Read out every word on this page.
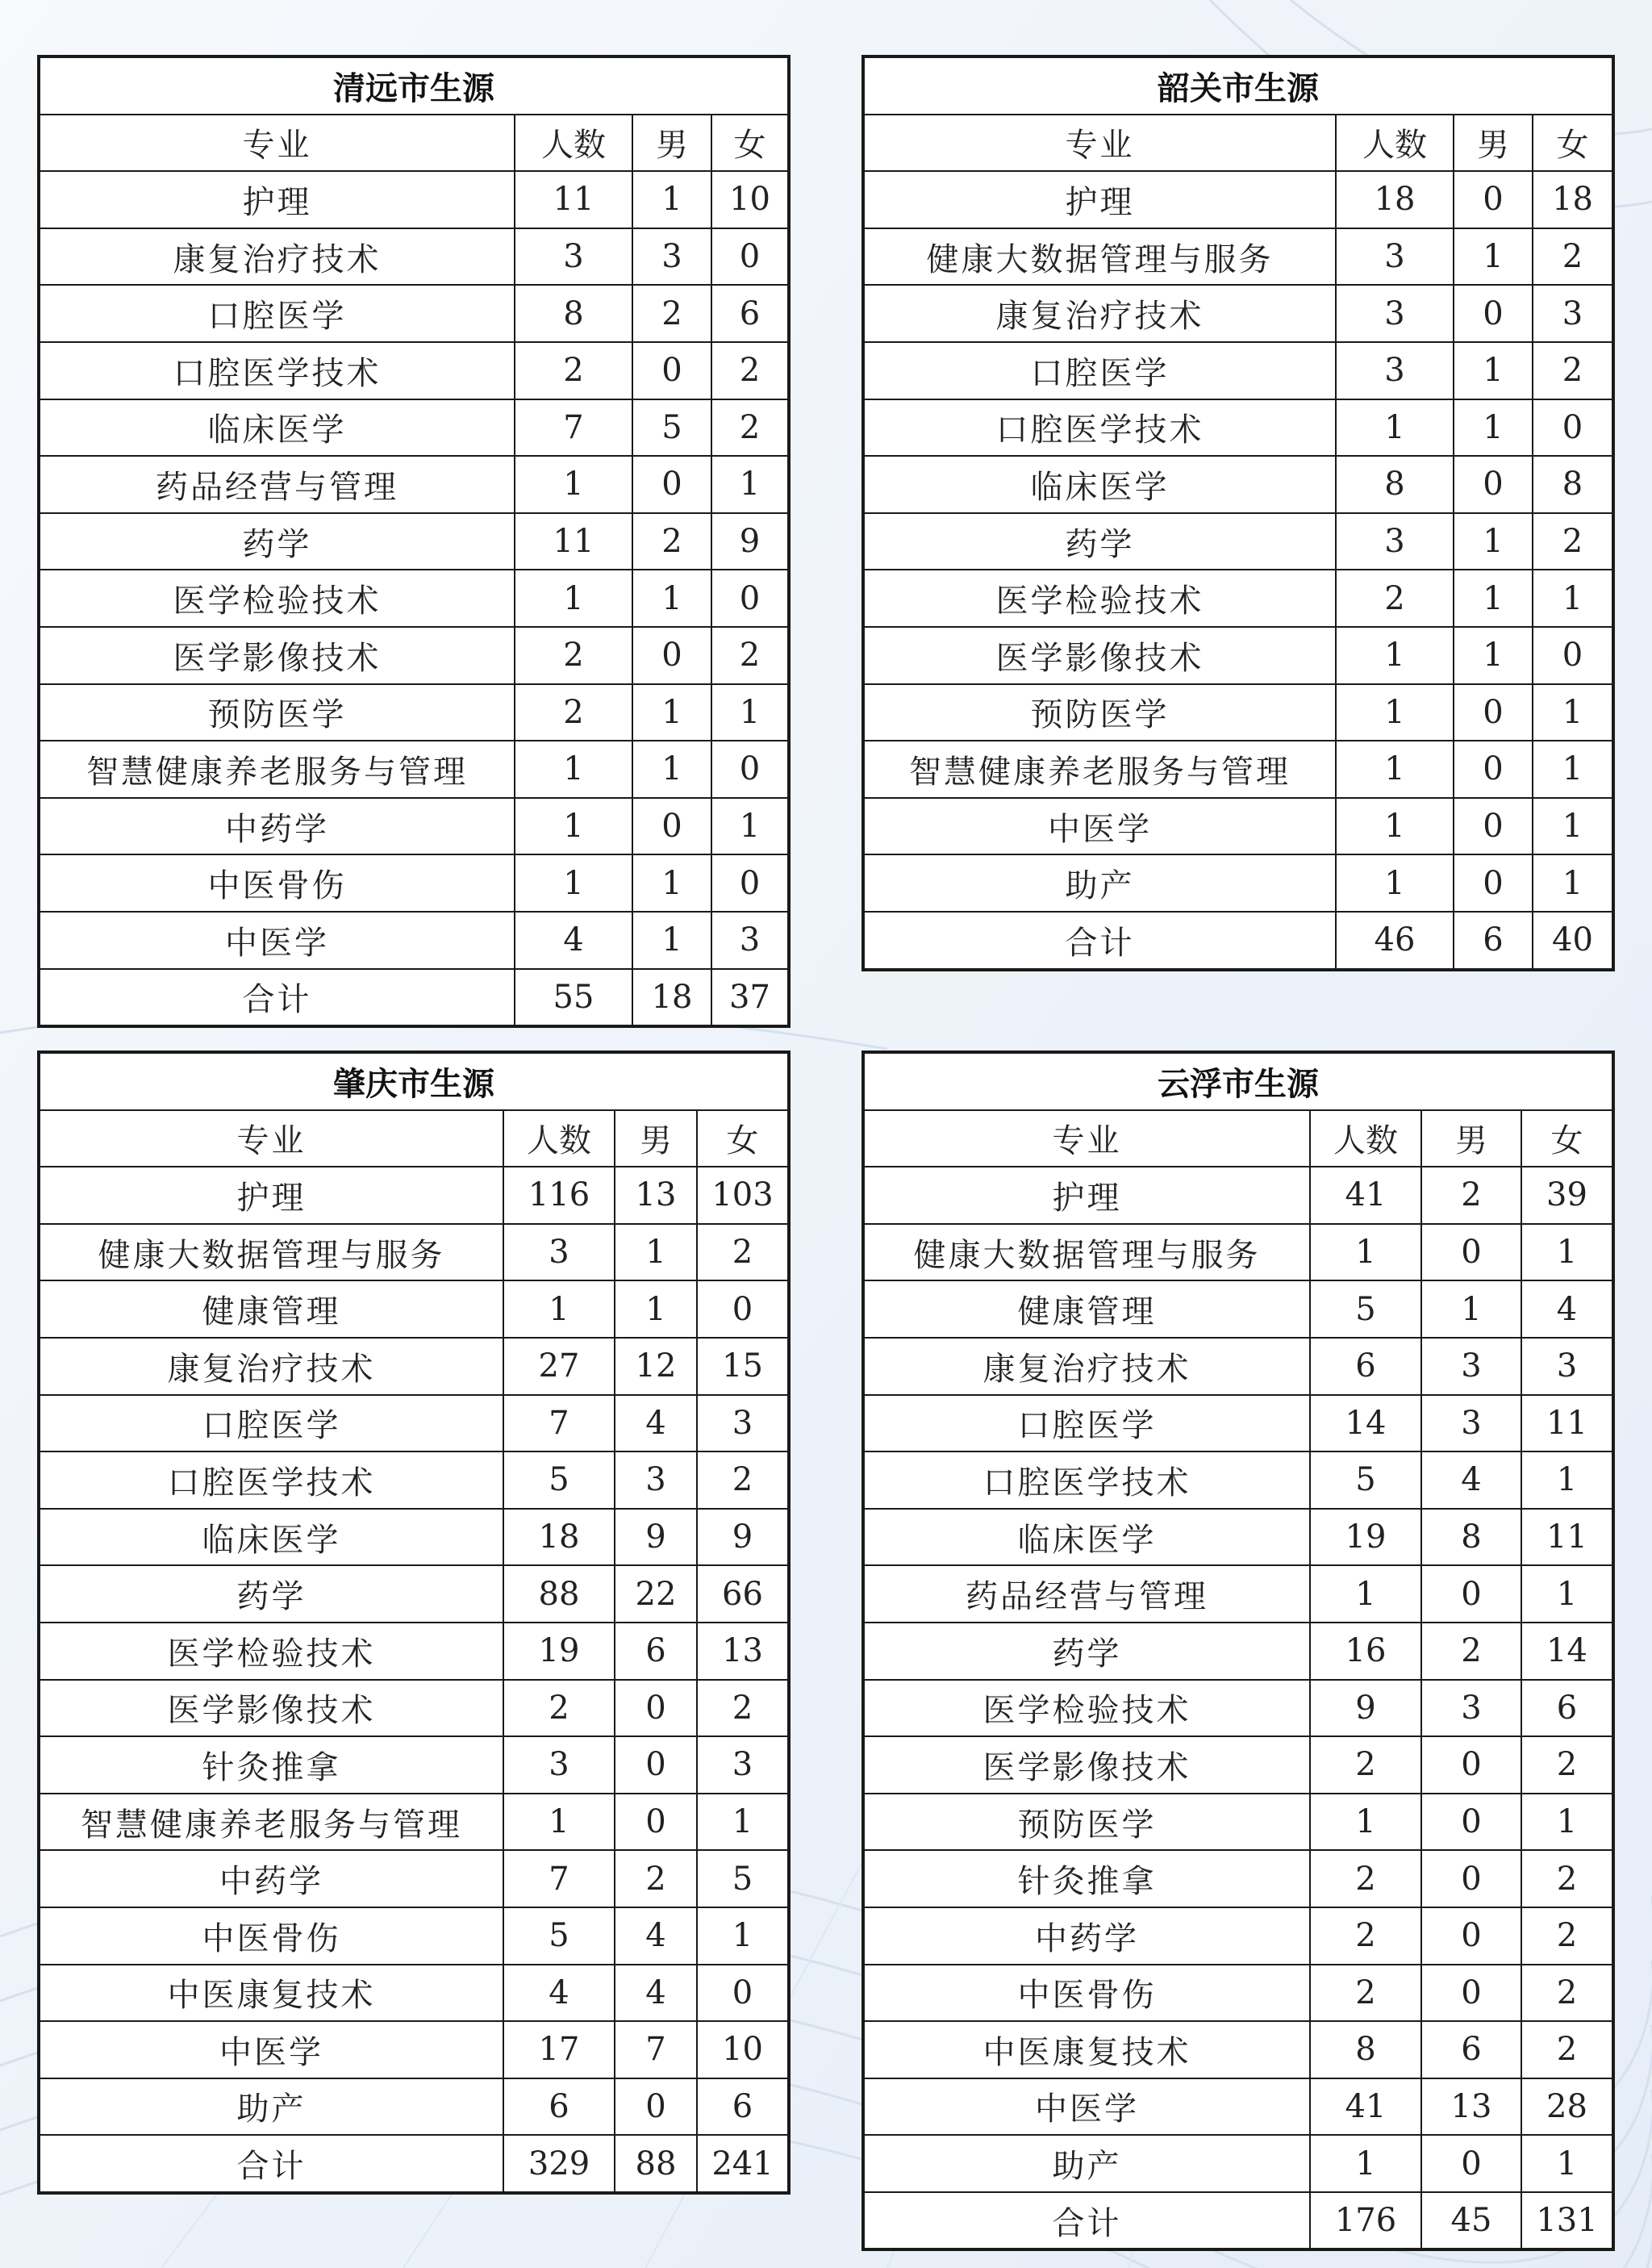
清远市生源			
专业	人数	男	女
护理	11	1	10
康复治疗技术	3	3	0
口腔医学	8	2	6
口腔医学技术	2	0	2
临床医学	7	5	2
药品经营与管理	1	0	1
药学	11	2	9
医学检验技术	1	1	0
医学影像技术	2	0	2
预防医学	2	1	1
智慧健康养老服务与管理	1	1	0
中药学	1	0	1
中医骨伤	1	1	0
中医学	4	1	3
合计	55	18	37
韶关市生源			
专业	人数	男	女
护理	18	0	18
健康大数据管理与服务	3	1	2
康复治疗技术	3	0	3
口腔医学	3	1	2
口腔医学技术	1	1	0
临床医学	8	0	8
药学	3	1	2
医学检验技术	2	1	1
医学影像技术	1	1	0
预防医学	1	0	1
智慧健康养老服务与管理	1	0	1
中医学	1	0	1
助产	1	0	1
合计	46	6	40
肇庆市生源			
专业	人数	男	女
护理	116	13	103
健康大数据管理与服务	3	1	2
健康管理	1	1	0
康复治疗技术	27	12	15
口腔医学	7	4	3
口腔医学技术	5	3	2
临床医学	18	9	9
药学	88	22	66
医学检验技术	19	6	13
医学影像技术	2	0	2
针灸推拿	3	0	3
智慧健康养老服务与管理	1	0	1
中药学	7	2	5
中医骨伤	5	4	1
中医康复技术	4	4	0
中医学	17	7	10
助产	6	0	6
合计	329	88	241
云浮市生源			
专业	人数	男	女
护理	41	2	39
健康大数据管理与服务	1	0	1
健康管理	5	1	4
康复治疗技术	6	3	3
口腔医学	14	3	11
口腔医学技术	5	4	1
临床医学	19	8	11
药品经营与管理	1	0	1
药学	16	2	14
医学检验技术	9	3	6
医学影像技术	2	0	2
预防医学	1	0	1
针灸推拿	2	0	2
中药学	2	0	2
中医骨伤	2	0	2
中医康复技术	8	6	2
中医学	41	13	28
助产	1	0	1
合计	176	45	131
